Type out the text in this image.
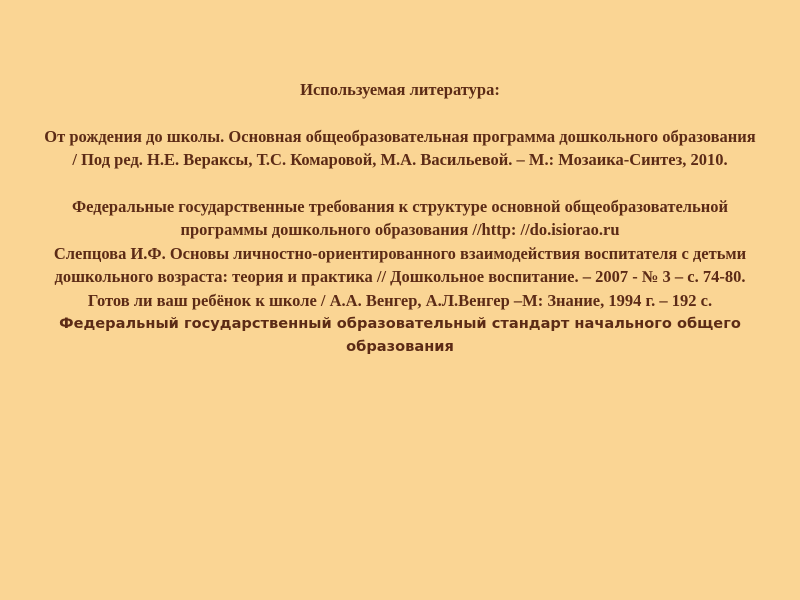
Используемая литература:

От рождения до школы. Основная общеобразовательная программа дошкольного образования / Под ред. Н.Е. Вераксы, Т.С. Комаровой, М.А. Васильевой. – М.: Мозаика-Синтез, 2010.

Федеральные государственные требования к структуре основной общеобразовательной программы дошкольного образования //http: //do.isiorao.ru

Слепцова И.Ф. Основы личностно-ориентированного взаимодействия воспитателя с детьми дошкольного возраста: теория и практика // Дошкольное воспитание. – 2007 - № 3 – с. 74-80.

Готов ли ваш ребёнок к школе / А.А. Венгер, А.Л.Венгер –М: Знание, 1994 г. – 192 с.

Федеральный государственный образовательный стандарт начального общего образования
